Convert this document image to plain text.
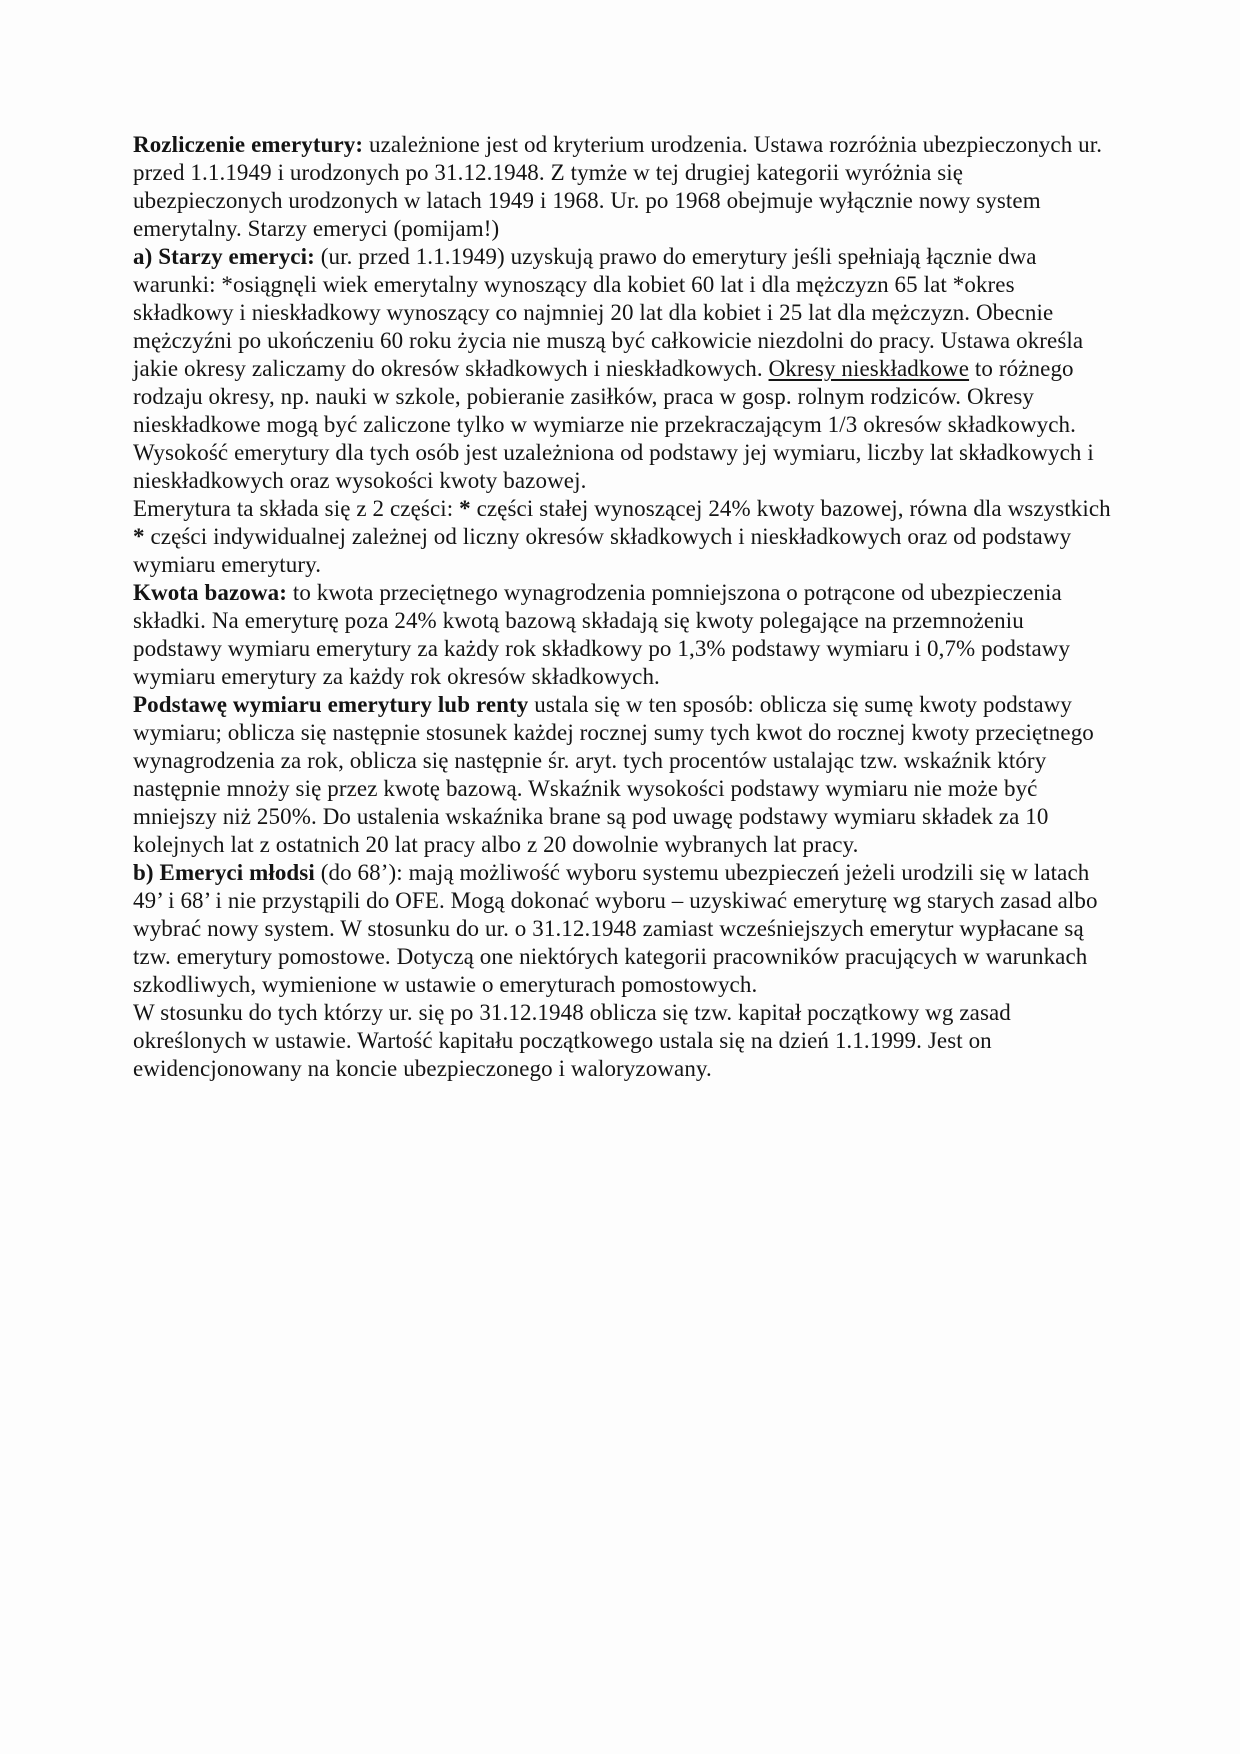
Rozliczenie emerytury: uzależnione jest od kryterium urodzenia. Ustawa rozróżnia ubezpieczonych ur. przed 1.1.1949 i urodzonych po 31.12.1948. Z tymże w tej drugiej kategorii wyróżnia się ubezpieczonych urodzonych w latach 1949 i 1968. Ur. po 1968 obejmuje wyłącznie nowy system emerytalny. Starzy emeryci (pomijam!)

a) Starzy emeryci: (ur. przed 1.1.1949) uzyskują prawo do emerytury jeśli spełniają łącznie dwa warunki: *osiągnęli wiek emerytalny wynoszący dla kobiet 60 lat i dla mężczyzn 65 lat *okres składkowy i nieskładkowy wynoszący co najmniej 20 lat dla kobiet i 25 lat dla mężczyzn. Obecnie mężczyźni po ukończeniu 60 roku życia nie muszą być całkowicie niezdolni do pracy. Ustawa określa jakie okresy zaliczamy do okresów składkowych i nieskładkowych. Okresy nieskładkowe to różnego rodzaju okresy, np. nauki w szkole, pobieranie zasiłków, praca w gosp. rolnym rodziców. Okresy nieskładkowe mogą być zaliczone tylko w wymiarze nie przekraczającym 1/3 okresów składkowych. Wysokość emerytury dla tych osób jest uzależniona od podstawy jej wymiaru, liczby lat składkowych i nieskładkowych oraz wysokości kwoty bazowej.

Emerytura ta składa się z 2 części: * części stałej wynoszącej 24% kwoty bazowej, równa dla wszystkich * części indywidualnej zależnej od liczny okresów składkowych i nieskładkowych oraz od podstawy wymiaru emerytury.

Kwota bazowa: to kwota przeciętnego wynagrodzenia pomniejszona o potrącone od ubezpieczenia składki. Na emeryturę poza 24% kwotą bazową składają się kwoty polegające na przemnożeniu podstawy wymiaru emerytury za każdy rok składkowy po 1,3% podstawy wymiaru i 0,7% podstawy wymiaru emerytury za każdy rok okresów składkowych.

Podstawę wymiaru emerytury lub renty ustala się w ten sposób: oblicza się sumę kwoty podstawy wymiaru; oblicza się następnie stosunek każdej rocznej sumy tych kwot do rocznej kwoty przeciętnego wynagrodzenia za rok, oblicza się następnie śr. aryt. tych procentów ustalając tzw. wskaźnik który następnie mnoży się przez kwotę bazową. Wskaźnik wysokości podstawy wymiaru nie może być mniejszy niż 250%. Do ustalenia wskaźnika brane są pod uwagę podstawy wymiaru składek za 10 kolejnych lat z ostatnich 20 lat pracy albo z 20 dowolnie wybranych lat pracy.

b) Emeryci młodsi (do 68’): mają możliwość wyboru systemu ubezpieczeń jeżeli urodzili się w latach 49’ i 68’ i nie przystąpili do OFE. Mogą dokonać wyboru – uzyskiwać emeryturę wg starych zasad albo wybrać nowy system. W stosunku do ur. o 31.12.1948 zamiast wcześniejszych emerytur wypłacane są tzw. emerytury pomostowe. Dotyczą one niektórych kategorii pracowników pracujących w warunkach szkodliwych, wymienione w ustawie o emeryturach pomostowych.

W stosunku do tych którzy ur. się po 31.12.1948 oblicza się tzw. kapitał początkowy wg zasad określonych w ustawie. Wartość kapitału początkowego ustala się na dzień 1.1.1999. Jest on ewidencjonowany na koncie ubezpieczonego i waloryzowany.
